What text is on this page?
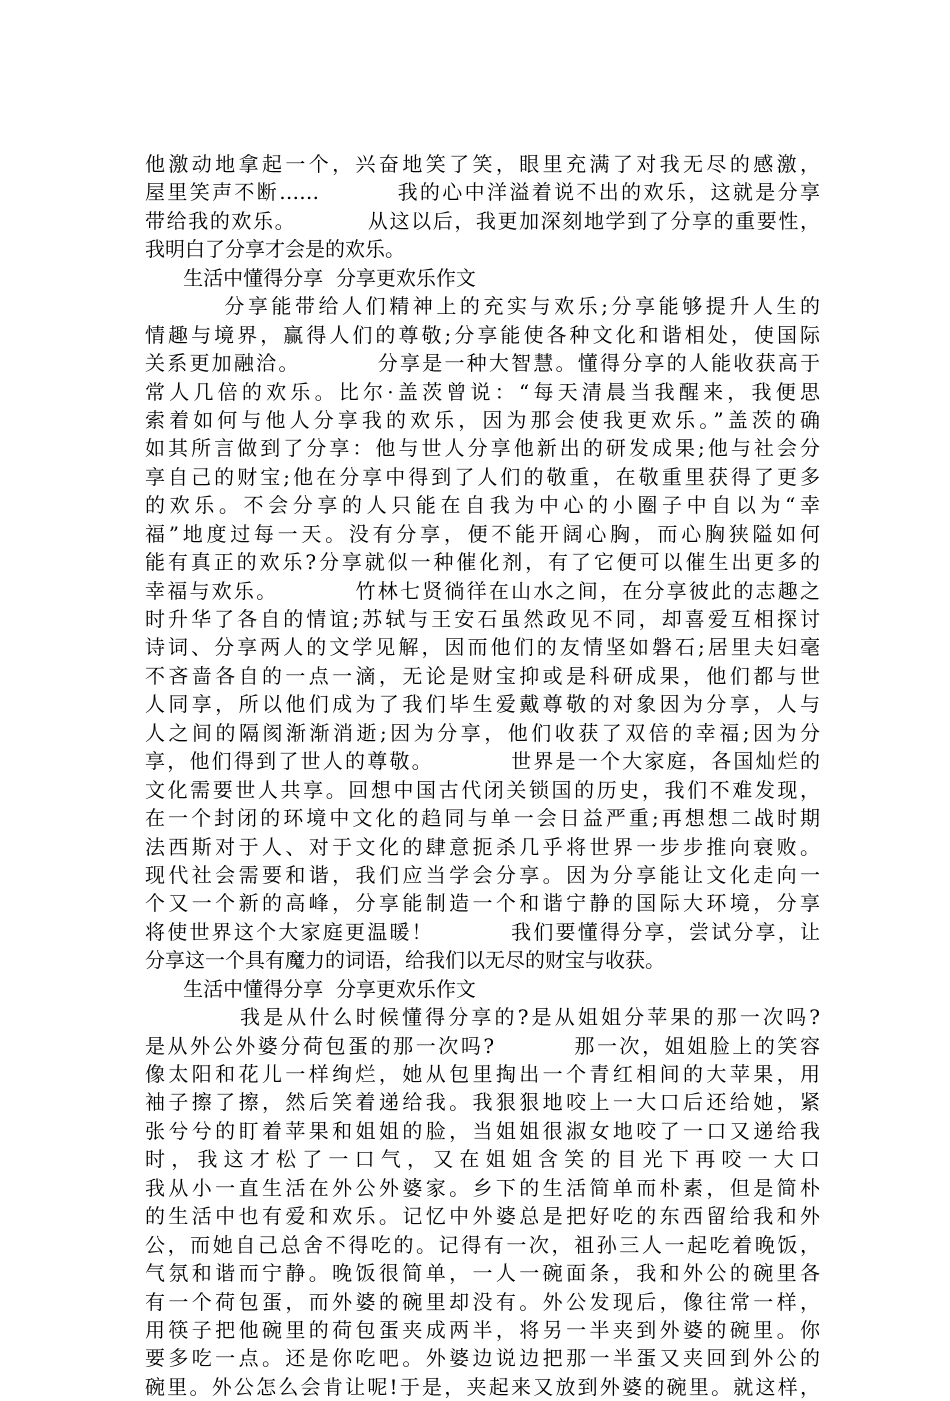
他激动地拿起一个，兴奋地笑了笑，眼里充满了对我无尽的感激，
屋里笑声不断……         我的心中洋溢着说不出的欢乐，这就是分享
带给我的欢乐。         从这以后，我更加深刻地学到了分享的重要性，
我明白了分享才会是的欢乐。
生活中懂得分享  分享更欢乐作文
分享能带给人们精神上的充实与欢乐;分享能够提升人生的
情趣与境界，赢得人们的尊敬;分享能使各种文化和谐相处，使国际
关系更加融洽。         分享是一种大智慧。懂得分享的人能收获高于
常人几倍的欢乐。比尔·盖茨曾说：“每天清晨当我醒来，我便思
索着如何与他人分享我的欢乐，因为那会使我更欢乐。”盖茨的确
如其所言做到了分享：他与世人分享他新出的研发成果;他与社会分
享自己的财宝;他在分享中得到了人们的敬重，在敬重里获得了更多
的欢乐。不会分享的人只能在自我为中心的小圈子中自以为“幸
福”地度过每一天。没有分享，便不能开阔心胸，而心胸狭隘如何
能有真正的欢乐?分享就似一种催化剂，有了它便可以催生出更多的
幸福与欢乐。         竹林七贤徜徉在山水之间，在分享彼此的志趣之
时升华了各自的情谊;苏轼与王安石虽然政见不同，却喜爱互相探讨
诗词、分享两人的文学见解，因而他们的友情坚如磐石;居里夫妇毫
不吝啬各自的一点一滴，无论是财宝抑或是科研成果，他们都与世
人同享，所以他们成为了我们毕生爱戴尊敬的对象因为分享，人与
人之间的隔阂渐渐消逝;因为分享，他们收获了双倍的幸福;因为分
享，他们得到了世人的尊敬。         世界是一个大家庭，各国灿烂的
文化需要世人共享。回想中国古代闭关锁国的历史，我们不难发现，
在一个封闭的环境中文化的趋同与单一会日益严重;再想想二战时期
法西斯对于人、对于文化的肆意扼杀几乎将世界一步步推向衰败。
现代社会需要和谐，我们应当学会分享。因为分享能让文化走向一
个又一个新的高峰，分享能制造一个和谐宁静的国际大环境，分享
将使世界这个大家庭更温暖！         我们要懂得分享，尝试分享，让
分享这一个具有魔力的词语，给我们以无尽的财宝与收获。
生活中懂得分享  分享更欢乐作文
我是从什么时候懂得分享的?是从姐姐分苹果的那一次吗?
是从外公外婆分荷包蛋的那一次吗?         那一次，姐姐脸上的笑容
像太阳和花儿一样绚烂，她从包里掏出一个青红相间的大苹果，用
袖子擦了擦，然后笑着递给我。我狠狠地咬上一大口后还给她，紧
张兮兮的盯着苹果和姐姐的脸，当姐姐很淑女地咬了一口又递给我
时，我这才松了一口气，又在姐姐含笑的目光下再咬一大口
我从小一直生活在外公外婆家。乡下的生活简单而朴素，但是简朴
的生活中也有爱和欢乐。记忆中外婆总是把好吃的东西留给我和外
公，而她自己总舍不得吃的。记得有一次，祖孙三人一起吃着晚饭，
气氛和谐而宁静。晚饭很简单，一人一碗面条，我和外公的碗里各
有一个荷包蛋，而外婆的碗里却没有。外公发现后，像往常一样，
用筷子把他碗里的荷包蛋夹成两半，将另一半夹到外婆的碗里。你
要多吃一点。还是你吃吧。外婆边说边把那一半蛋又夹回到外公的
碗里。外公怎么会肯让呢!于是，夹起来又放到外婆的碗里。就这样，
